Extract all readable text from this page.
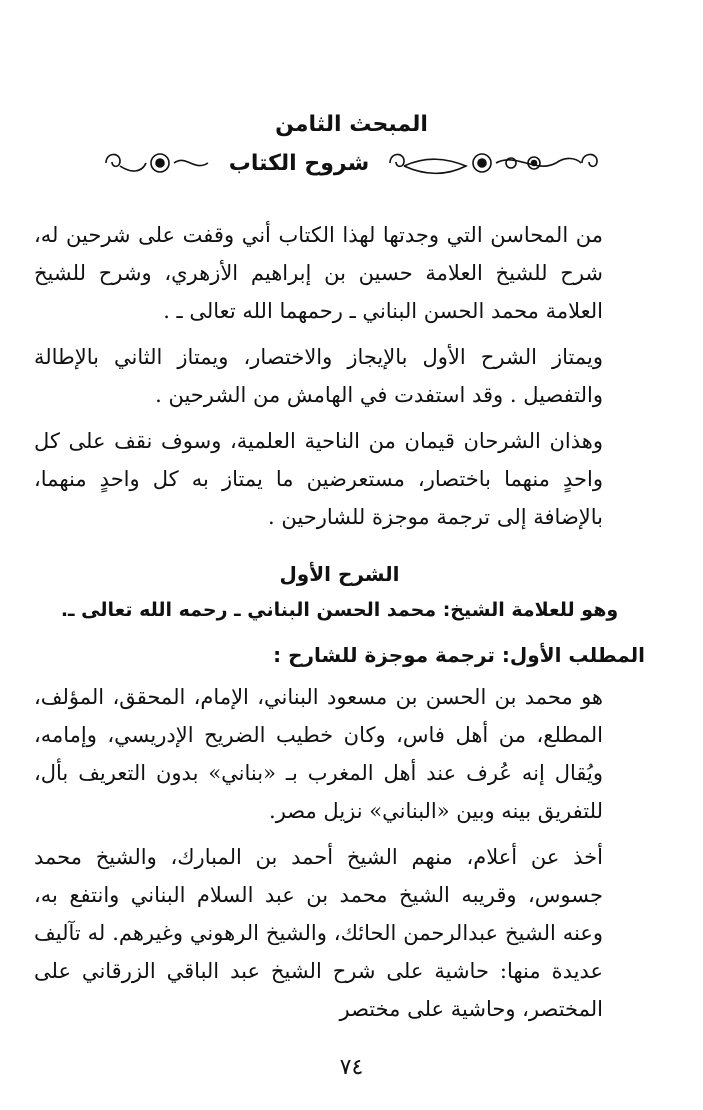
المبحث الثامن
شروح الكتاب

من المحاسن التي وجدتها لهذا الكتاب أني وقفت على شرحين له، شرح للشيخ العلامة حسين بن إبراهيم الأزهري، وشرح للشيخ العلامة محمد الحسن البناني ـ رحمهما الله تعالى ـ .

ويمتاز الشرح الأول بالإيجاز والاختصار، ويمتاز الثاني بالإطالة والتفصيل . وقد استفدت في الهامش من الشرحين .

وهذان الشرحان قيمان من الناحية العلمية، وسوف نقف على كل واحدٍ منهما باختصار، مستعرضين ما يمتاز به كل واحدٍ منهما، بالإضافة إلى ترجمة موجزة للشارحين .

الشرح الأول
وهو للعلامة الشيخ: محمد الحسن البناني ـ رحمه الله تعالى ـ.
المطلب الأول: ترجمة موجزة للشارح :

هو محمد بن الحسن بن مسعود البناني، الإمام، المحقق، المؤلف، المطلع، من أهل فاس، وكان خطيب الضريح الإدريسي، وإمامه، ويُقال إنه عُرف عند أهل المغرب بـ «بناني» بدون التعريف بأل، للتفريق بينه وبين «البناني» نزيل مصر.

أخذ عن أعلام، منهم الشيخ أحمد بن المبارك، والشيخ محمد جسوس، وقريبه الشيخ محمد بن عبد السلام البناني وانتفع به، وعنه الشيخ عبدالرحمن الحائك، والشيخ الرهوني وغيرهم. له تآليف عديدة منها: حاشية على شرح الشيخ عبد الباقي الزرقاني على المختصر، وحاشية على مختصر

٧٤
